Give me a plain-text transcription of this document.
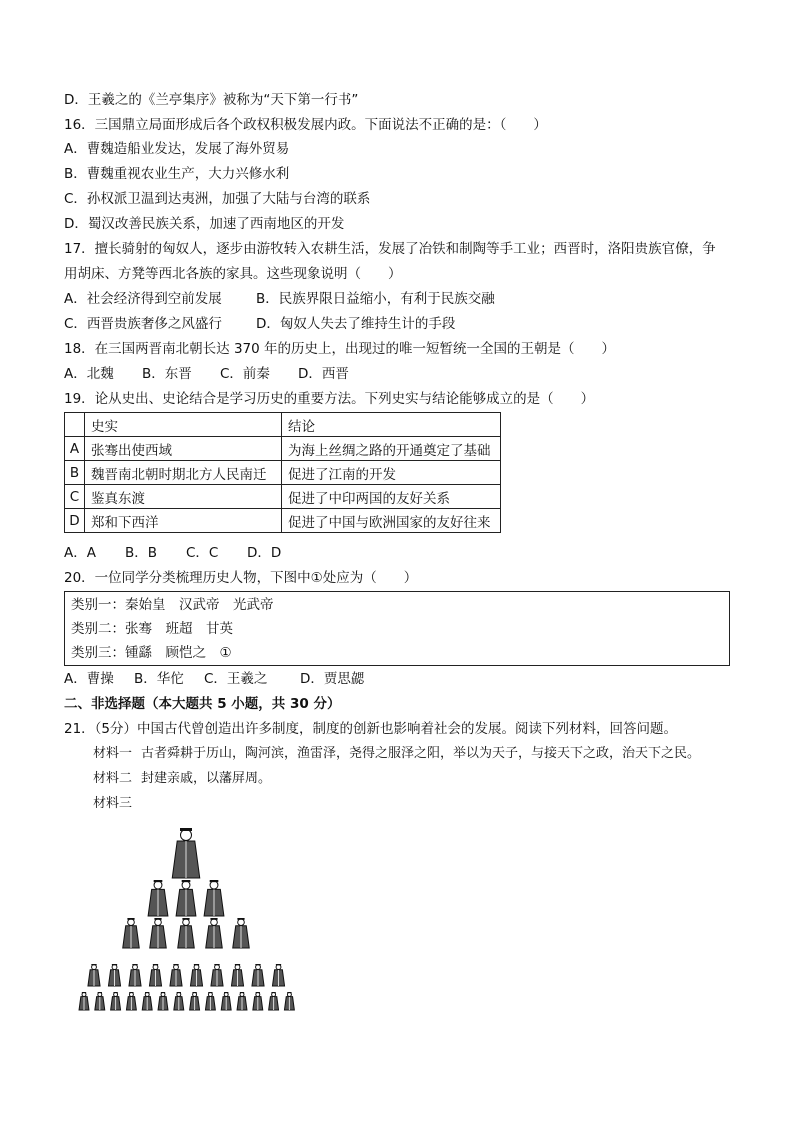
D．王羲之的《兰亭集序》被称为“天下第一行书”
16．三国鼎立局面形成后各个政权积极发展内政。下面说法不正确的是：（　　）
A．曹魏造船业发达，发展了海外贸易
B．曹魏重视农业生产，大力兴修水利
C．孙权派卫温到达夷洲，加强了大陆与台湾的联系
D．蜀汉改善民族关系，加速了西南地区的开发
17．擅长骑射的匈奴人，逐步由游牧转入农耕生活，发展了冶铁和制陶等手工业；西晋时，洛阳贵族官僚，争
用胡床、方凳等西北各族的家具。这些现象说明（　　）
A．社会经济得到空前发展	B．民族界限日益缩小，有利于民族交融
C．西晋贵族奢侈之风盛行	D．匈奴人失去了维持生计的手段
18．在三国两晋南北朝长达 370 年的历史上，出现过的唯一短暂统一全国的王朝是（　　）
A．北魏 B．东晋 C．前秦 D．西晋
19．论从史出、史论结合是学习历史的重要方法。下列史实与结论能够成立的是（　　）
	史实	结论
A	张骞出使西域	为海上丝绸之路的开通奠定了基础
B	魏晋南北朝时期北方人民南迁	促进了江南的开发
C	鉴真东渡	促进了中印两国的友好关系
D	郑和下西洋	促进了中国与欧洲国家的友好往来
A．A B．B C．C D．D
20．一位同学分类梳理历史人物，下图中①处应为（　　）
类别一：秦始皇　汉武帝　光武帝
类别二：张骞　班超　甘英
类别三：锺繇　顾恺之　①
A．曹操 B．华佗 C．王羲之 D．贾思勰
二、非选择题（本大题共 5 小题，共 30 分）
21．（5分）中国古代曾创造出许多制度，制度的创新也影响着社会的发展。阅读下列材料，回答问题。
材料一 古者舜耕于历山，陶河滨，渔雷泽，尧得之服泽之阳，举以为天子，与接天下之政，治天下之民。
材料二 封建亲戚，以藩屏周。
材料三
